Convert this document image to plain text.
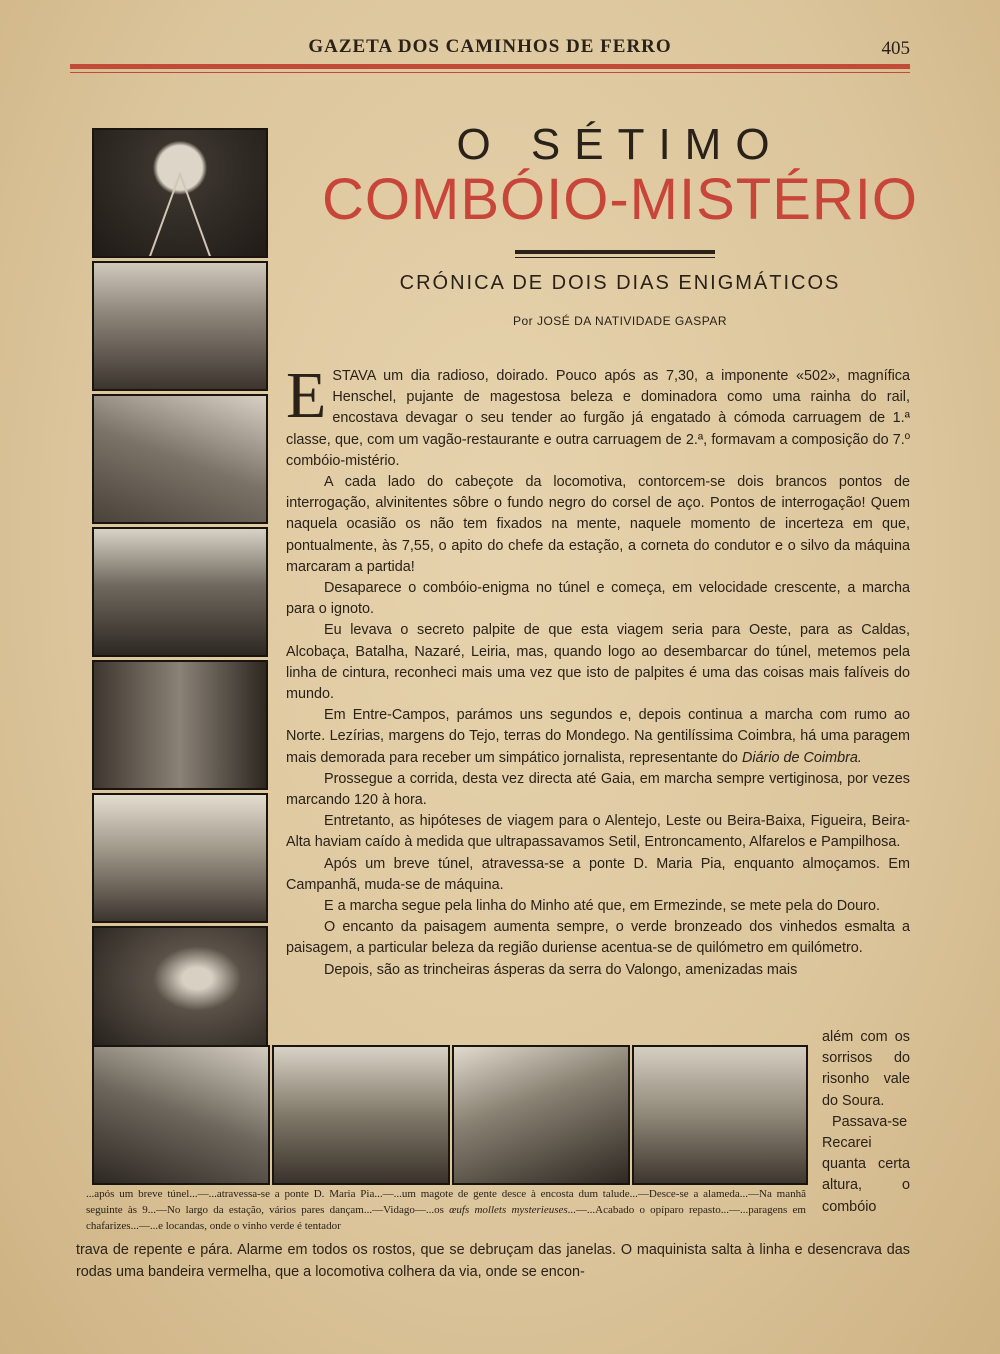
GAZETA DOS CAMINHOS DE FERRO	405

...após um breve túnel...—...atravessa-se a ponte D. Maria Pia...—...um magote de gente desce à encosta dum talude...—Desce-se a alameda...—Na manhã seguinte às 9...—No largo da estação, vários pares dançam...—Vidago—...os œufs mollets mysterieuses...—...Acabado o opíparo repasto...—...paragens em chafarizes...—...e locandas, onde o vinho verde é tentador

O SÉTIMO
COMBÓIO-MISTÉRIO
CRÓNICA DE DOIS DIAS ENIGMÁTICOS
Por JOSÉ DA NATIVIDADE GASPAR

ESTAVA um dia radioso, doirado. Pouco após as 7,30, a imponente «502», magnífica Henschel, pujante de magestosa beleza e dominadora como uma rainha do rail, encostava devagar o seu tender ao furgão já engatado à cómoda carruagem de 1.ª classe, que, com um vagão-restaurante e outra carruagem de 2.ª, formavam a composição do 7.º combóio-mistério.

A cada lado do cabeçote da locomotiva, contorcem-se dois brancos pontos de interrogação, alvinitentes sôbre o fundo negro do corsel de aço. Pontos de interrogação! Quem naquela ocasião os não tem fixados na mente, naquele momento de incerteza em que, pontualmente, às 7,55, o apito do chefe da estação, a corneta do condutor e o silvo da máquina marcaram a partida!

Desaparece o combóio-enigma no túnel e começa, em velocidade crescente, a marcha para o ignoto.

Eu levava o secreto palpite de que esta viagem seria para Oeste, para as Caldas, Alcobaça, Batalha, Nazaré, Leiria, mas, quando logo ao desembarcar do túnel, metemos pela linha de cintura, reconheci mais uma vez que isto de palpites é uma das coisas mais falíveis do mundo.

Em Entre-Campos, parámos uns segundos e, depois continua a marcha com rumo ao Norte. Lezírias, margens do Tejo, terras do Mondego. Na gentilíssima Coimbra, há uma paragem mais demorada para receber um simpático jornalista, representante do Diário de Coimbra.

Prossegue a corrida, desta vez directa até Gaia, em marcha sempre vertiginosa, por vezes marcando 120 à hora.

Entretanto, as hipóteses de viagem para o Alentejo, Leste ou Beira-Baixa, Figueira, Beira-Alta haviam caído à medida que ultrapassavamos Setil, Entroncamento, Alfarelos e Pampilhosa.

Após um breve túnel, atravessa-se a ponte D. Maria Pia, enquanto almoçamos. Em Campanhã, muda-se de máquina.

E a marcha segue pela linha do Minho até que, em Ermezinde, se mete pela do Douro.

O encanto da paisagem aumenta sempre, o verde bronzeado dos vinhedos esmalta a paisagem, a particular beleza da região duriense acentua-se de quilómetro em quilómetro.

Depois, são as trincheiras ásperas da serra do Valongo, amenizadas mais

além com os sorrisos do risonho vale do Soura.

Passava-se Recarei quanta certa altura, o combóio

trava de repente e pára. Alarme em todos os rostos, que se debruçam das janelas. O maquinista salta à linha e desencrava das rodas uma bandeira vermelha, que a locomotiva colhera da via, onde se encon-
